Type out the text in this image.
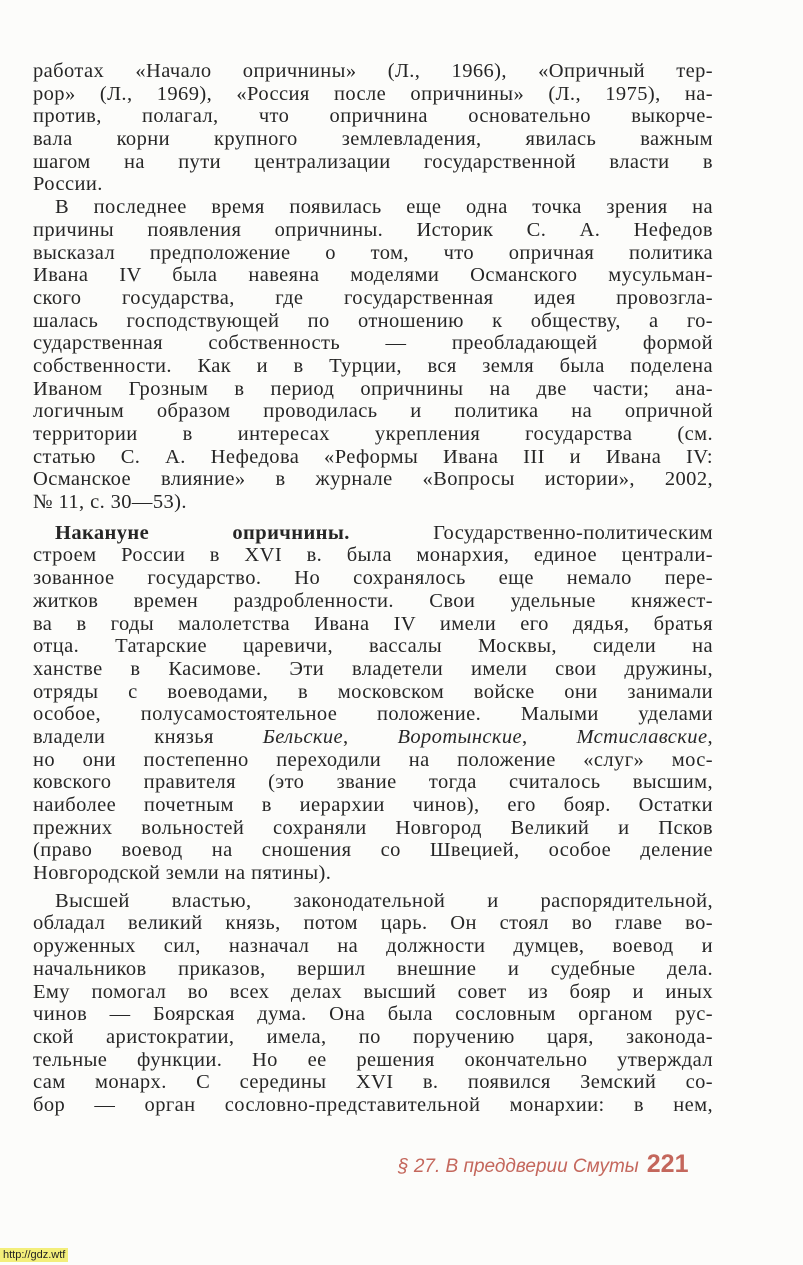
работах «Начало опричнины» (Л., 1966), «Опричный тер-
рор» (Л., 1969), «Россия после опричнины» (Л., 1975), на-
против, полагал, что опричнина основательно выкорче-
вала корни крупного землевладения, явилась важным
шагом на пути централизации государственной власти в
России.
В последнее время появилась еще одна точка зрения на
причины появления опричнины. Историк С. А. Нефедов
высказал предположение о том, что опричная политика
Ивана IV была навеяна моделями Османского мусульман-
ского государства, где государственная идея провозгла-
шалась господствующей по отношению к обществу, а го-
сударственная собственность — преобладающей формой
собственности. Как и в Турции, вся земля была поделена
Иваном Грозным в период опричнины на две части; ана-
логичным образом проводилась и политика на опричной
территории в интересах укрепления государства (см.
статью С. А. Нефедова «Реформы Ивана III и Ивана IV:
Османское влияние» в журнале «Вопросы истории», 2002,
№ 11, с. 30—53).
Накануне опричнины. Государственно-политическим
строем России в XVI в. была монархия, единое централи-
зованное государство. Но сохранялось еще немало пере-
житков времен раздробленности. Свои удельные княжест-
ва в годы малолетства Ивана IV имели его дядья, братья
отца. Татарские царевичи, вассалы Москвы, сидели на
ханстве в Касимове. Эти владетели имели свои дружины,
отряды с воеводами, в московском войске они занимали
особое, полусамостоятельное положение. Малыми уделами
владели князья Бельские, Воротынские, Мстиславские,
но они постепенно переходили на положение «слуг» мос-
ковского правителя (это звание тогда считалось высшим,
наиболее почетным в иерархии чинов), его бояр. Остатки
прежних вольностей сохраняли Новгород Великий и Псков
(право воевод на сношения со Швецией, особое деление
Новгородской земли на пятины).
Высшей властью, законодательной и распорядительной,
обладал великий князь, потом царь. Он стоял во главе во-
оруженных сил, назначал на должности думцев, воевод и
начальников приказов, вершил внешние и судебные дела.
Ему помогал во всех делах высший совет из бояр и иных
чинов — Боярская дума. Она была сословным органом рус-
ской аристократии, имела, по поручению царя, законода-
тельные функции. Но ее решения окончательно утверждал
сам монарх. С середины XVI в. появился Земский со-
бор — орган сословно-представительной монархии: в нем,
§ 27. В преддверии Смуты 221
http://gdz.wtf
